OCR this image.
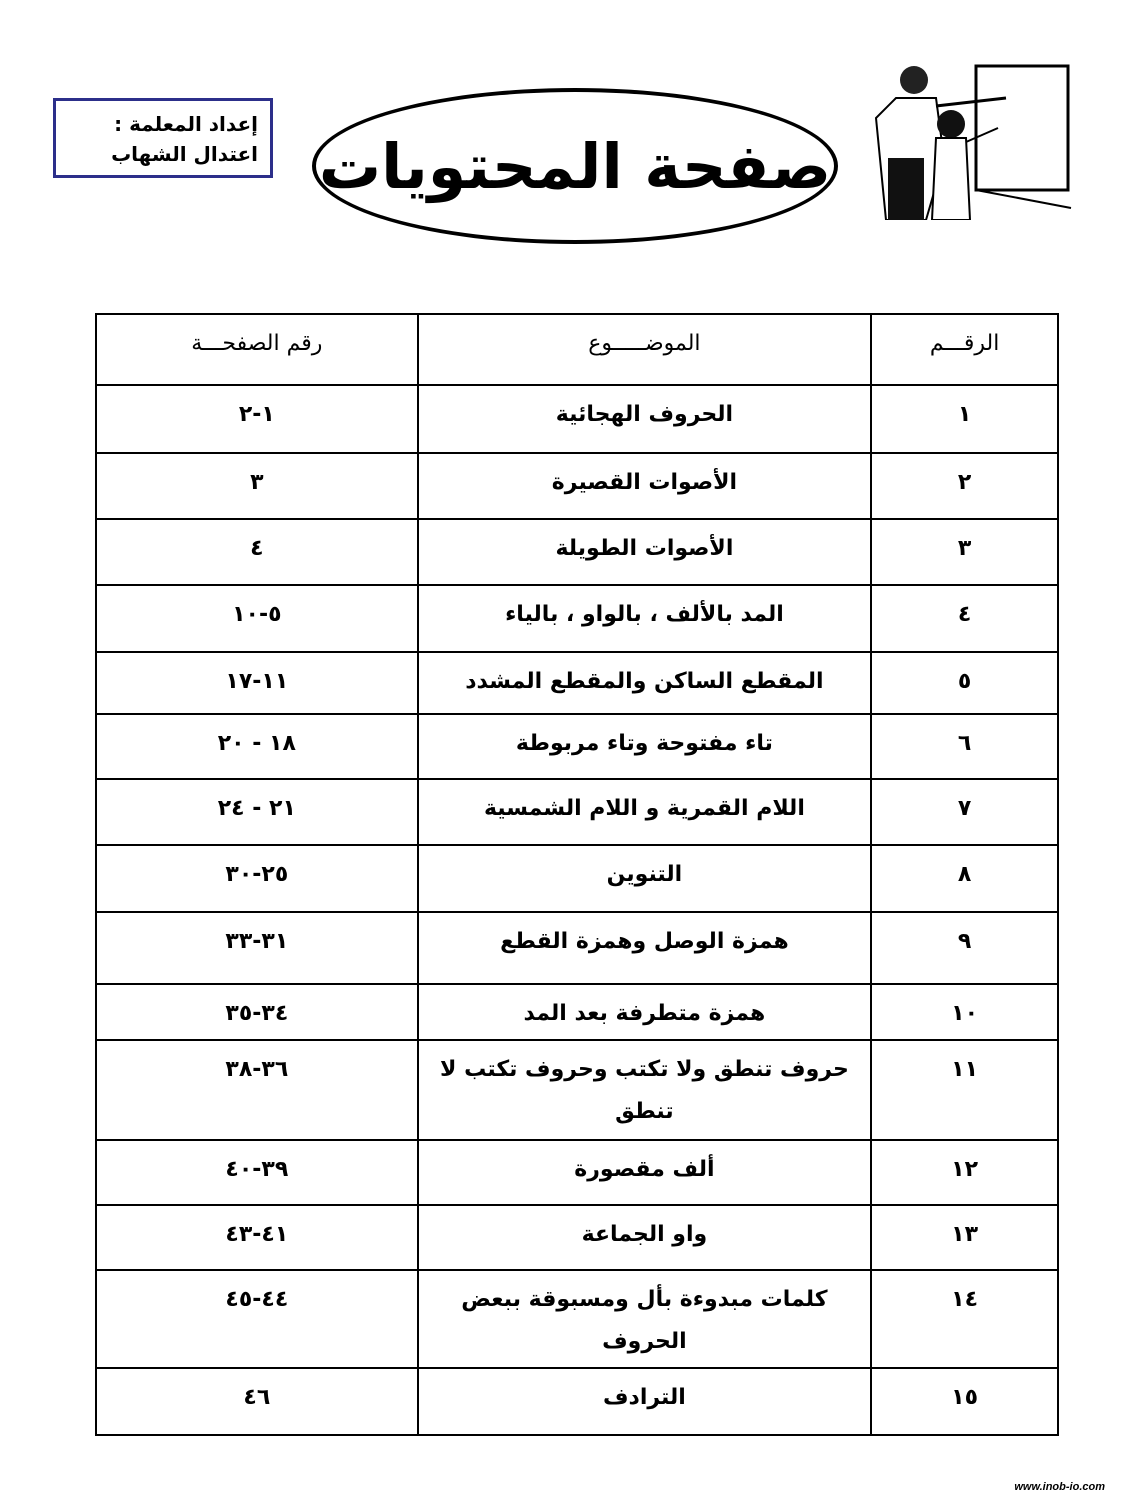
إعداد المعلمة :
اعتدال الشهاب صفحة المحتويات
الرقـــم	الموضـــــوع	رقم الصفحـــة
١	الحروف الهجائية	١-٢
٢	الأصوات القصيرة	٣
٣	الأصوات الطويلة	٤
٤	المد بالألف ، بالواو ، بالياء	٥-١٠
٥	المقطع الساكن والمقطع المشدد	١١-١٧
٦	تاء مفتوحة وتاء مربوطة	١٨ - ٢٠
٧	اللام القمرية و اللام الشمسية	٢١ - ٢٤
٨	التنوين	٢٥-٣٠
٩	همزة الوصل وهمزة القطع	٣١-٣٣
١٠	همزة متطرفة بعد المد	٣٤-٣٥
١١	حروف تنطق ولا تكتب وحروف تكتب لا تنطق	٣٦-٣٨
١٢	ألف مقصورة	٣٩-٤٠
١٣	واو الجماعة	٤١-٤٣
١٤	كلمات مبدوءة بأل ومسبوقة ببعض الحروف	٤٤-٤٥
١٥	الترادف	٤٦
www.inob-io.com
